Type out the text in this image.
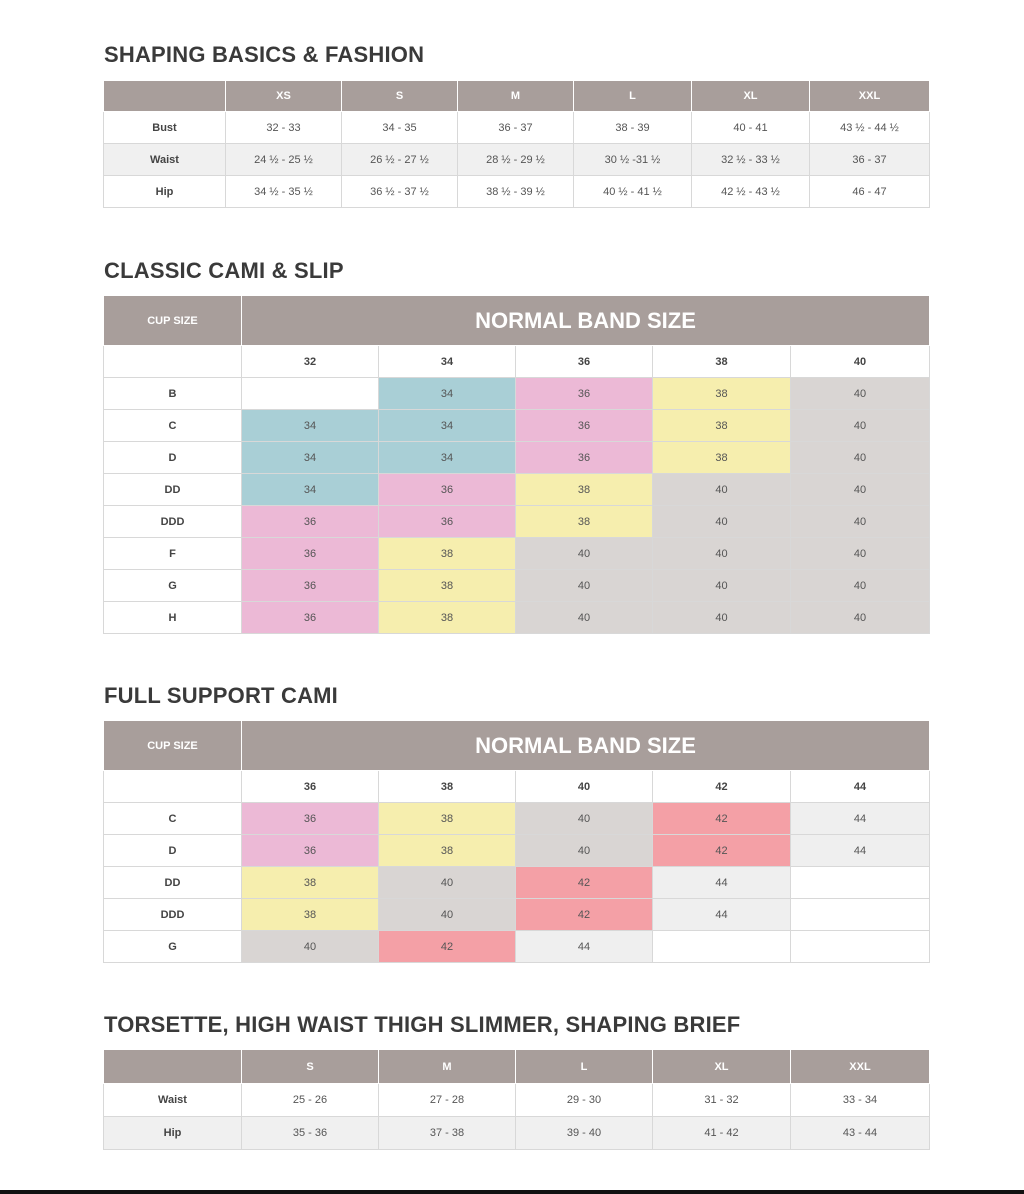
SHAPING BASICS & FASHION
	XS	S	M	L	XL	XXL
Bust	32 - 33	34 - 35	36 - 37	38 - 39	40 - 41	43 ½ - 44 ½
Waist	24 ½ - 25 ½	26 ½ - 27 ½	28 ½ - 29 ½	30 ½ -31 ½	32 ½ - 33 ½	36 - 37
Hip	34 ½ - 35 ½	36 ½ - 37 ½	38 ½ - 39 ½	40 ½ - 41 ½	42 ½ - 43 ½	46 - 47
CLASSIC CAMI & SLIP
CUP SIZE	NORMAL BAND SIZE				
	32	34	36	38	40
B		34	36	38	40
C	34	34	36	38	40
D	34	34	36	38	40
DD	34	36	38	40	40
DDD	36	36	38	40	40
F	36	38	40	40	40
G	36	38	40	40	40
H	36	38	40	40	40
FULL SUPPORT CAMI
CUP SIZE	NORMAL BAND SIZE				
	36	38	40	42	44
C	36	38	40	42	44
D	36	38	40	42	44
DD	38	40	42	44	
DDD	38	40	42	44	
G	40	42	44		
TORSETTE, HIGH WAIST THIGH SLIMMER, SHAPING BRIEF
	S	M	L	XL	XXL
Waist	25 - 26	27 - 28	29 - 30	31 - 32	33 - 34
Hip	35 - 36	37 - 38	39 - 40	41 - 42	43 - 44
